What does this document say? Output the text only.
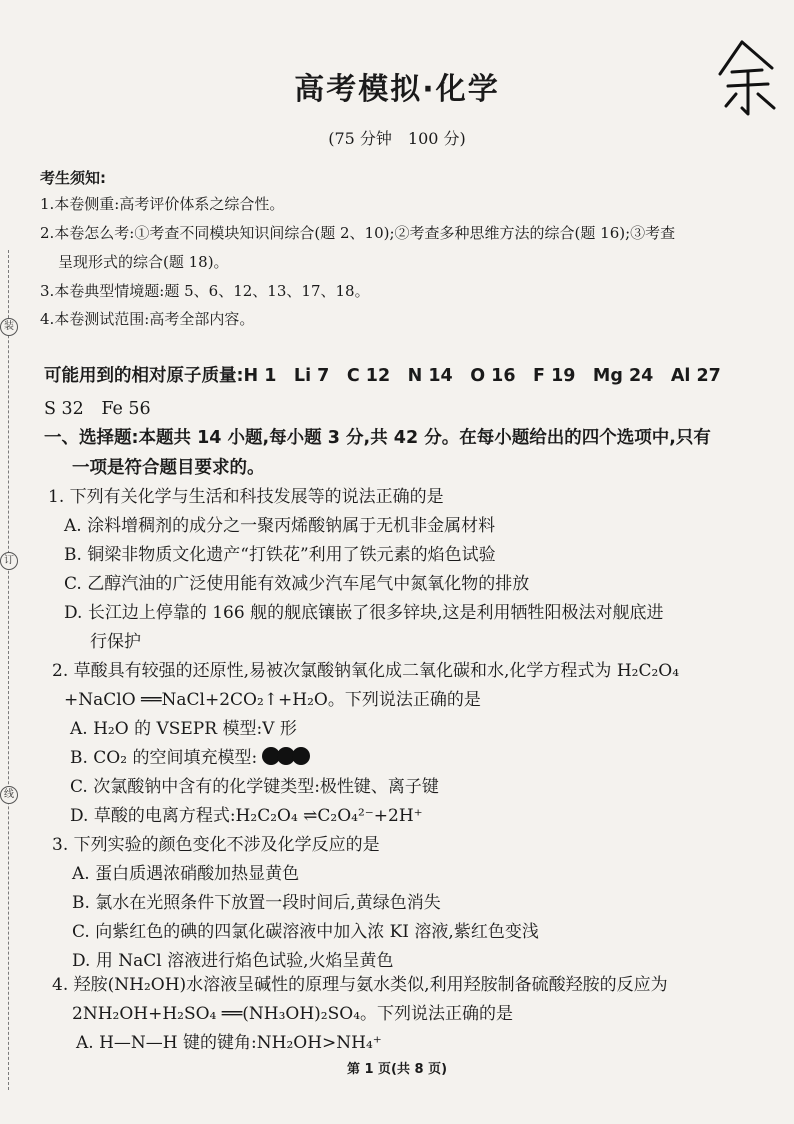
装
订
线
高考模拟·化学
(75 分钟　100 分)
考生须知:
1.本卷侧重:高考评价体系之综合性。
2.本卷怎么考:①考查不同模块知识间综合(题 2、10);②考查多种思维方法的综合(题 16);③考查
呈现形式的综合(题 18)。
3.本卷典型情境题:题 5、6、12、13、17、18。
4.本卷测试范围:高考全部内容。
可能用到的相对原子质量:H 1　Li 7　C 12　N 14　O 16　F 19　Mg 24　Al 27
S 32　Fe 56
一、选择题:本题共 14 小题,每小题 3 分,共 42 分。在每小题给出的四个选项中,只有
一项是符合题目要求的。
1. 下列有关化学与生活和科技发展等的说法正确的是
A. 涂料增稠剂的成分之一聚丙烯酸钠属于无机非金属材料
B. 铜梁非物质文化遗产“打铁花”利用了铁元素的焰色试验
C. 乙醇汽油的广泛使用能有效减少汽车尾气中氮氧化物的排放
D. 长江边上停靠的 166 舰的舰底镶嵌了很多锌块,这是利用牺牲阳极法对舰底进
行保护
2. 草酸具有较强的还原性,易被次氯酸钠氧化成二氧化碳和水,化学方程式为 H₂C₂O₄
+NaClO ══NaCl+2CO₂↑+H₂O。下列说法正确的是
A. H₂O 的 VSEPR 模型:V 形
B. CO₂ 的空间填充模型:
C. 次氯酸钠中含有的化学键类型:极性键、离子键
D. 草酸的电离方程式:H₂C₂O₄ ⇌C₂O₄²⁻+2H⁺
3. 下列实验的颜色变化不涉及化学反应的是
A. 蛋白质遇浓硝酸加热显黄色
B. 氯水在光照条件下放置一段时间后,黄绿色消失
C. 向紫红色的碘的四氯化碳溶液中加入浓 KI 溶液,紫红色变浅
D. 用 NaCl 溶液进行焰色试验,火焰呈黄色
4. 羟胺(NH₂OH)水溶液呈碱性的原理与氨水类似,利用羟胺制备硫酸羟胺的反应为
2NH₂OH+H₂SO₄ ══(NH₃OH)₂SO₄。下列说法正确的是
A. H—N—H 键的键角:NH₂OH>NH₄⁺
第 1 页(共 8 页)
